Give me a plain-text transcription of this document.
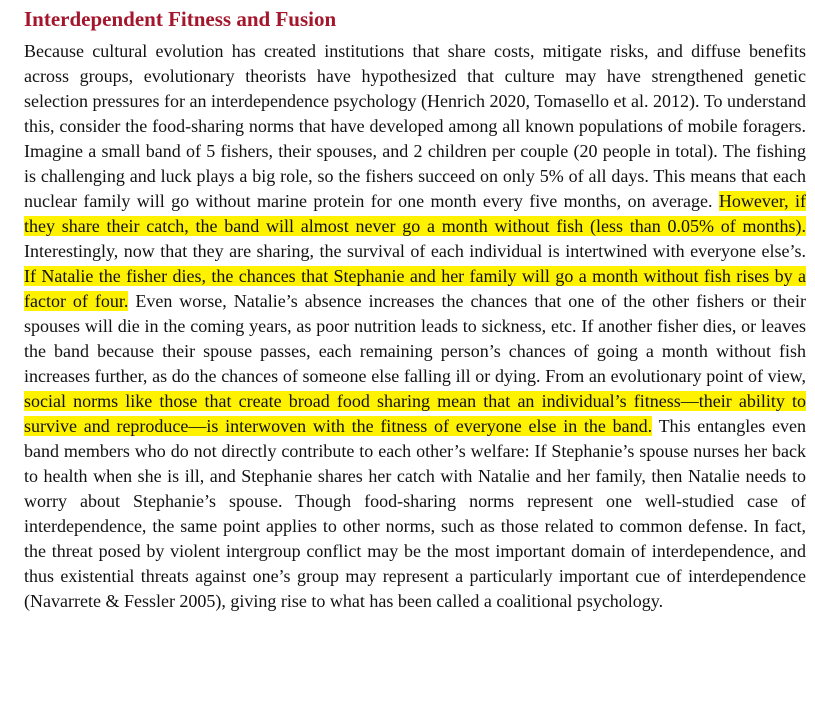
Interdependent Fitness and Fusion

Because cultural evolution has created institutions that share costs, mitigate risks, and diffuse benefits across groups, evolutionary theorists have hypothesized that culture may have strengthened genetic selection pressures for an interdependence psychology (Henrich 2020, Tomasello et al. 2012). To understand this, consider the food-sharing norms that have developed among all known populations of mobile foragers. Imagine a small band of 5 fishers, their spouses, and 2 children per couple (20 people in total). The fishing is challenging and luck plays a big role, so the fishers succeed on only 5% of all days. This means that each nuclear family will go without marine protein for one month every five months, on average. However, if they share their catch, the band will almost never go a month without fish (less than 0.05% of months). Interestingly, now that they are sharing, the survival of each individual is intertwined with everyone else’s. If Natalie the fisher dies, the chances that Stephanie and her family will go a month without fish rises by a factor of four. Even worse, Natalie’s absence increases the chances that one of the other fishers or their spouses will die in the coming years, as poor nutrition leads to sickness, etc. If another fisher dies, or leaves the band because their spouse passes, each remaining person’s chances of going a month without fish increases further, as do the chances of someone else falling ill or dying. From an evolutionary point of view, social norms like those that create broad food sharing mean that an individual’s fitness—their ability to survive and reproduce—is interwoven with the fitness of everyone else in the band. This entangles even band members who do not directly contribute to each other’s welfare: If Stephanie’s spouse nurses her back to health when she is ill, and Stephanie shares her catch with Natalie and her family, then Natalie needs to worry about Stephanie’s spouse. Though food-sharing norms represent one well-studied case of interdependence, the same point applies to other norms, such as those related to common defense. In fact, the threat posed by violent intergroup conflict may be the most important domain of interdependence, and thus existential threats against one’s group may represent a particularly important cue of interdependence (Navarrete & Fessler 2005), giving rise to what has been called a coalitional psychology.
